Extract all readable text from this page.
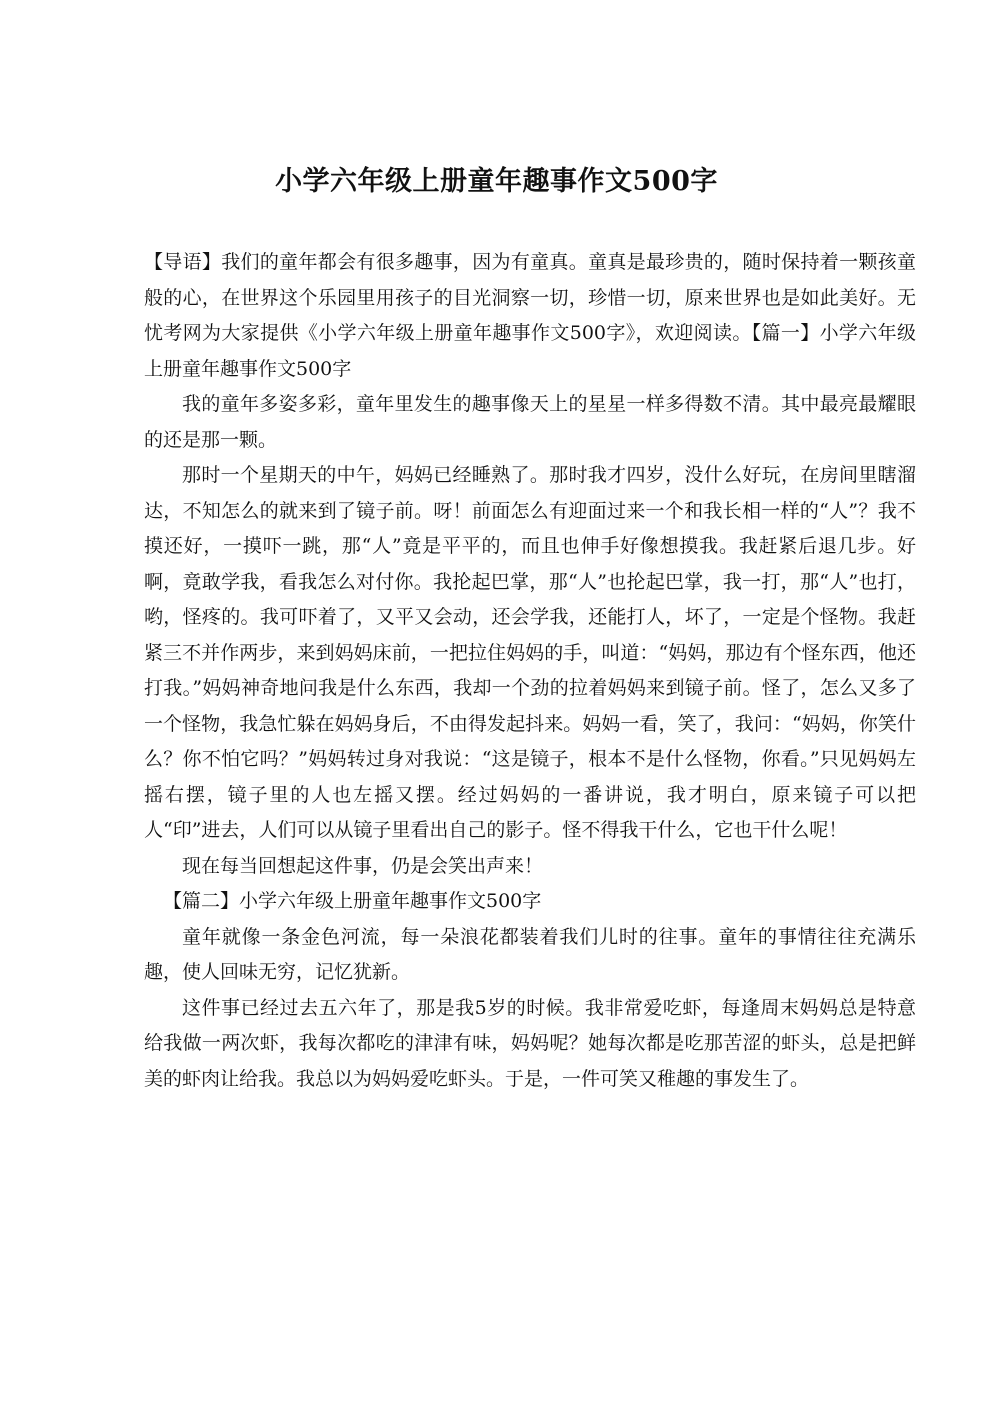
小学六年级上册童年趣事作文500字

【导语】我们的童年都会有很多趣事，因为有童真。童真是最珍贵的，随时保持着一颗孩童般的心，在世界这个乐园里用孩子的目光洞察一切，珍惜一切，原来世界也是如此美好。无忧考网为大家提供《小学六年级上册童年趣事作文500字》，欢迎阅读。【篇一】小学六年级上册童年趣事作文500字

我的童年多姿多彩，童年里发生的趣事像天上的星星一样多得数不清。其中最亮最耀眼的还是那一颗。

那时一个星期天的中午，妈妈已经睡熟了。那时我才四岁，没什么好玩，在房间里瞎溜达，不知怎么的就来到了镜子前。呀！前面怎么有迎面过来一个和我长相一样的“人”？我不摸还好，一摸吓一跳，那“人”竟是平平的，而且也伸手好像想摸我。我赶紧后退几步。好啊，竟敢学我，看我怎么对付你。我抡起巴掌，那“人”也抡起巴掌，我一打，那“人”也打，哟，怪疼的。我可吓着了，又平又会动，还会学我，还能打人，坏了，一定是个怪物。我赶紧三不并作两步，来到妈妈床前，一把拉住妈妈的手，叫道：“妈妈，那边有个怪东西，他还打我。”妈妈神奇地问我是什么东西，我却一个劲的拉着妈妈来到镜子前。怪了，怎么又多了一个怪物，我急忙躲在妈妈身后，不由得发起抖来。妈妈一看，笑了，我问：“妈妈，你笑什么？你不怕它吗？”妈妈转过身对我说：“这是镜子，根本不是什么怪物，你看。”只见妈妈左摇右摆，镜子里的人也左摇又摆。经过妈妈的一番讲说，我才明白，原来镜子可以把人“印”进去，人们可以从镜子里看出自己的影子。怪不得我干什么，它也干什么呢！

现在每当回想起这件事，仍是会笑出声来！

【篇二】小学六年级上册童年趣事作文500字

童年就像一条金色河流，每一朵浪花都装着我们儿时的往事。童年的事情往往充满乐趣，使人回味无穷，记忆犹新。

这件事已经过去五六年了，那是我5岁的时候。我非常爱吃虾，每逢周末妈妈总是特意给我做一两次虾，我每次都吃的津津有味，妈妈呢？她每次都是吃那苦涩的虾头，总是把鲜美的虾肉让给我。我总以为妈妈爱吃虾头。于是，一件可笑又稚趣的事发生了。
